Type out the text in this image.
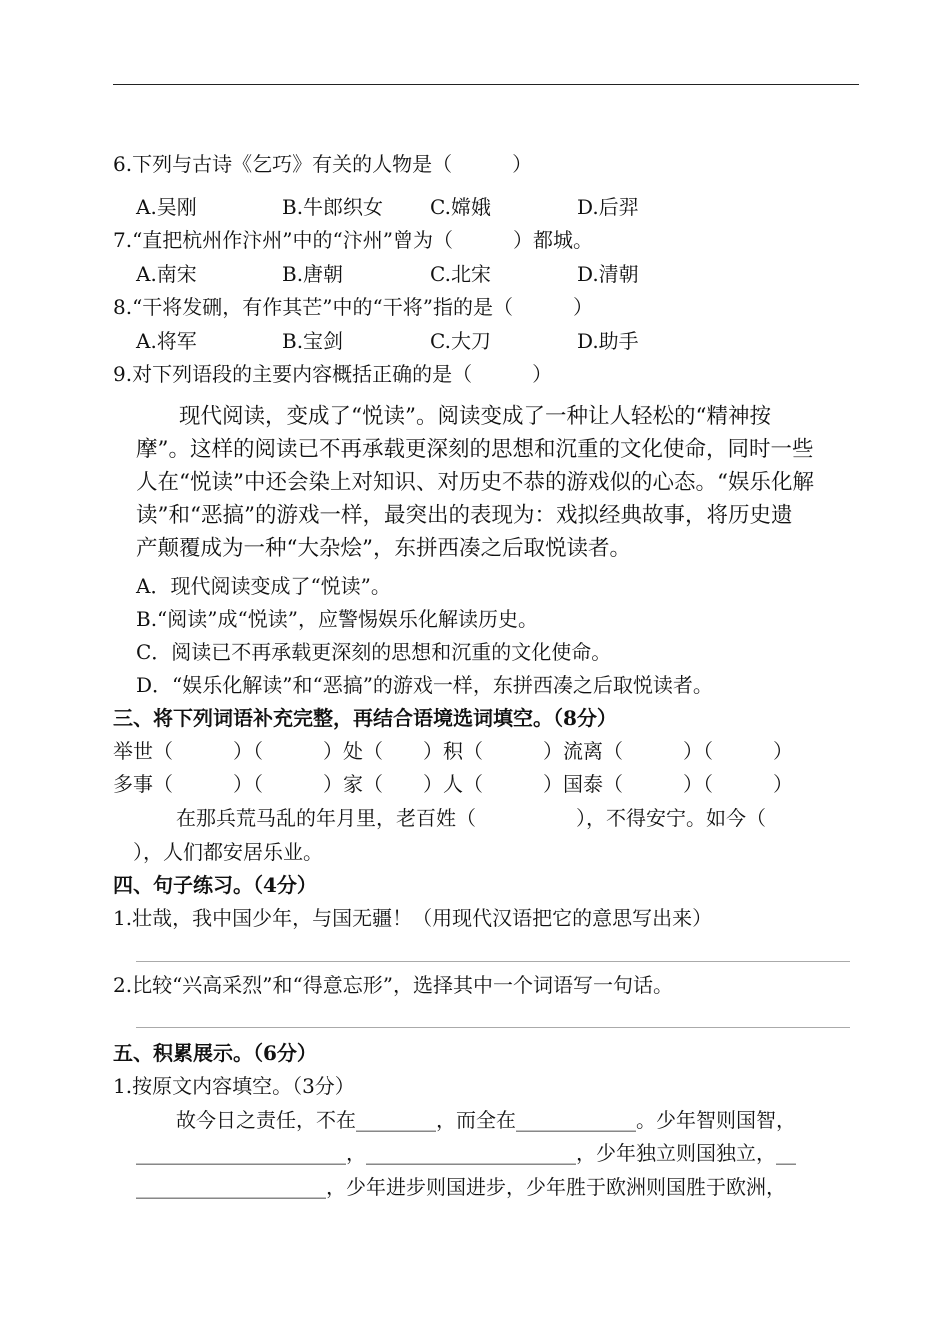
6.下列与古诗《乞巧》有关的人物是（　　　）
A.吴刚	B.牛郎织女 C.嫦娥	D.后羿
7.“直把杭州作汴州”中的“汴州”曾为（　　　）都城。
A.南宋	B.唐朝	C.北宋	D.清朝
8.“干将发硎，有作其芒”中的“干将”指的是（　　　）
A.将军	B.宝剑	C.大刀	D.助手
9.对下列语段的主要内容概括正确的是（　　　）
　　现代阅读，变成了“悦读”。阅读变成了一种让人轻松的“精神按
摩”。这样的阅读已不再承载更深刻的思想和沉重的文化使命，同时一些
人在“悦读”中还会染上对知识、对历史不恭的游戏似的心态。“娱乐化解
读”和“恶搞”的游戏一样，最突出的表现为：戏拟经典故事，将历史遗
产颠覆成为一种“大杂烩”，东拼西凑之后取悦读者。
A．现代阅读变成了“悦读”。
B.“阅读”成“悦读”，应警惕娱乐化解读历史。
C．阅读已不再承载更深刻的思想和沉重的文化使命。
D．“娱乐化解读”和“恶搞”的游戏一样，东拼西凑之后取悦读者。
三、将下列词语补充完整，再结合语境选词填空。（8分）
举世（　　　）（　　　）处（　　）积（　　　）流离（　　　）（　　　）
多事（　　　）（　　　）家（　　）人（　　　）国泰（　　　）（　　　）
　　在那兵荒马乱的年月里，老百姓（　　　　　），不得安宁。如今（
　），人们都安居乐业。
四、句子练习。（4分）
1.壮哉，我中国少年，与国无疆！（用现代汉语把它的意思写出来）
2.比较“兴高采烈”和“得意忘形”，选择其中一个词语写一句话。
五、积累展示。（6分）
1.按原文内容填空。（3分）
　　故今日之责任，不在________，而全在____________。少年智则国智，
_____________________，_____________________，少年独立则国独立，__
___________________，少年进步则国进步，少年胜于欧洲则国胜于欧洲，
